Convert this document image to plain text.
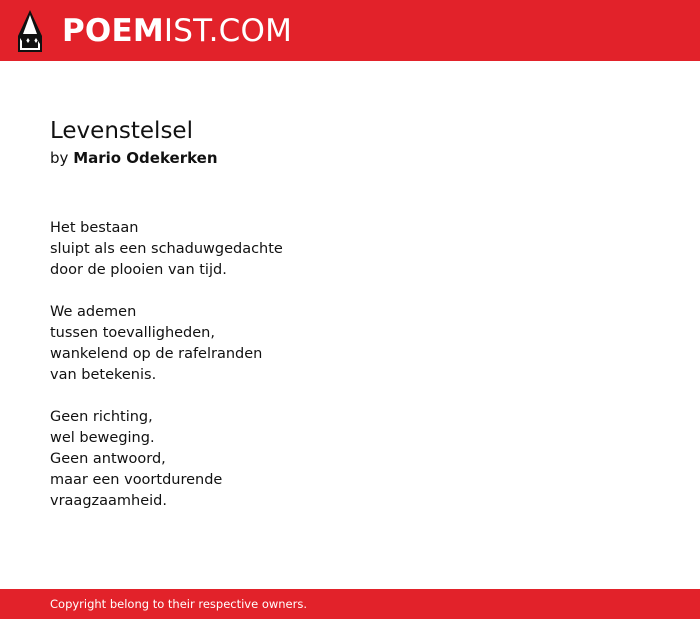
POEMIST.COM
Levenstelsel
by Mario Odekerken
Het bestaan
sluipt als een schaduwgedachte
door de plooien van tijd.
We ademen
tussen toevalligheden,
wankelend op de rafelranden
van betekenis.
Geen richting,
wel beweging.
Geen antwoord,
maar een voortdurende
vraagzaamheid.
Copyright belong to their respective owners.
